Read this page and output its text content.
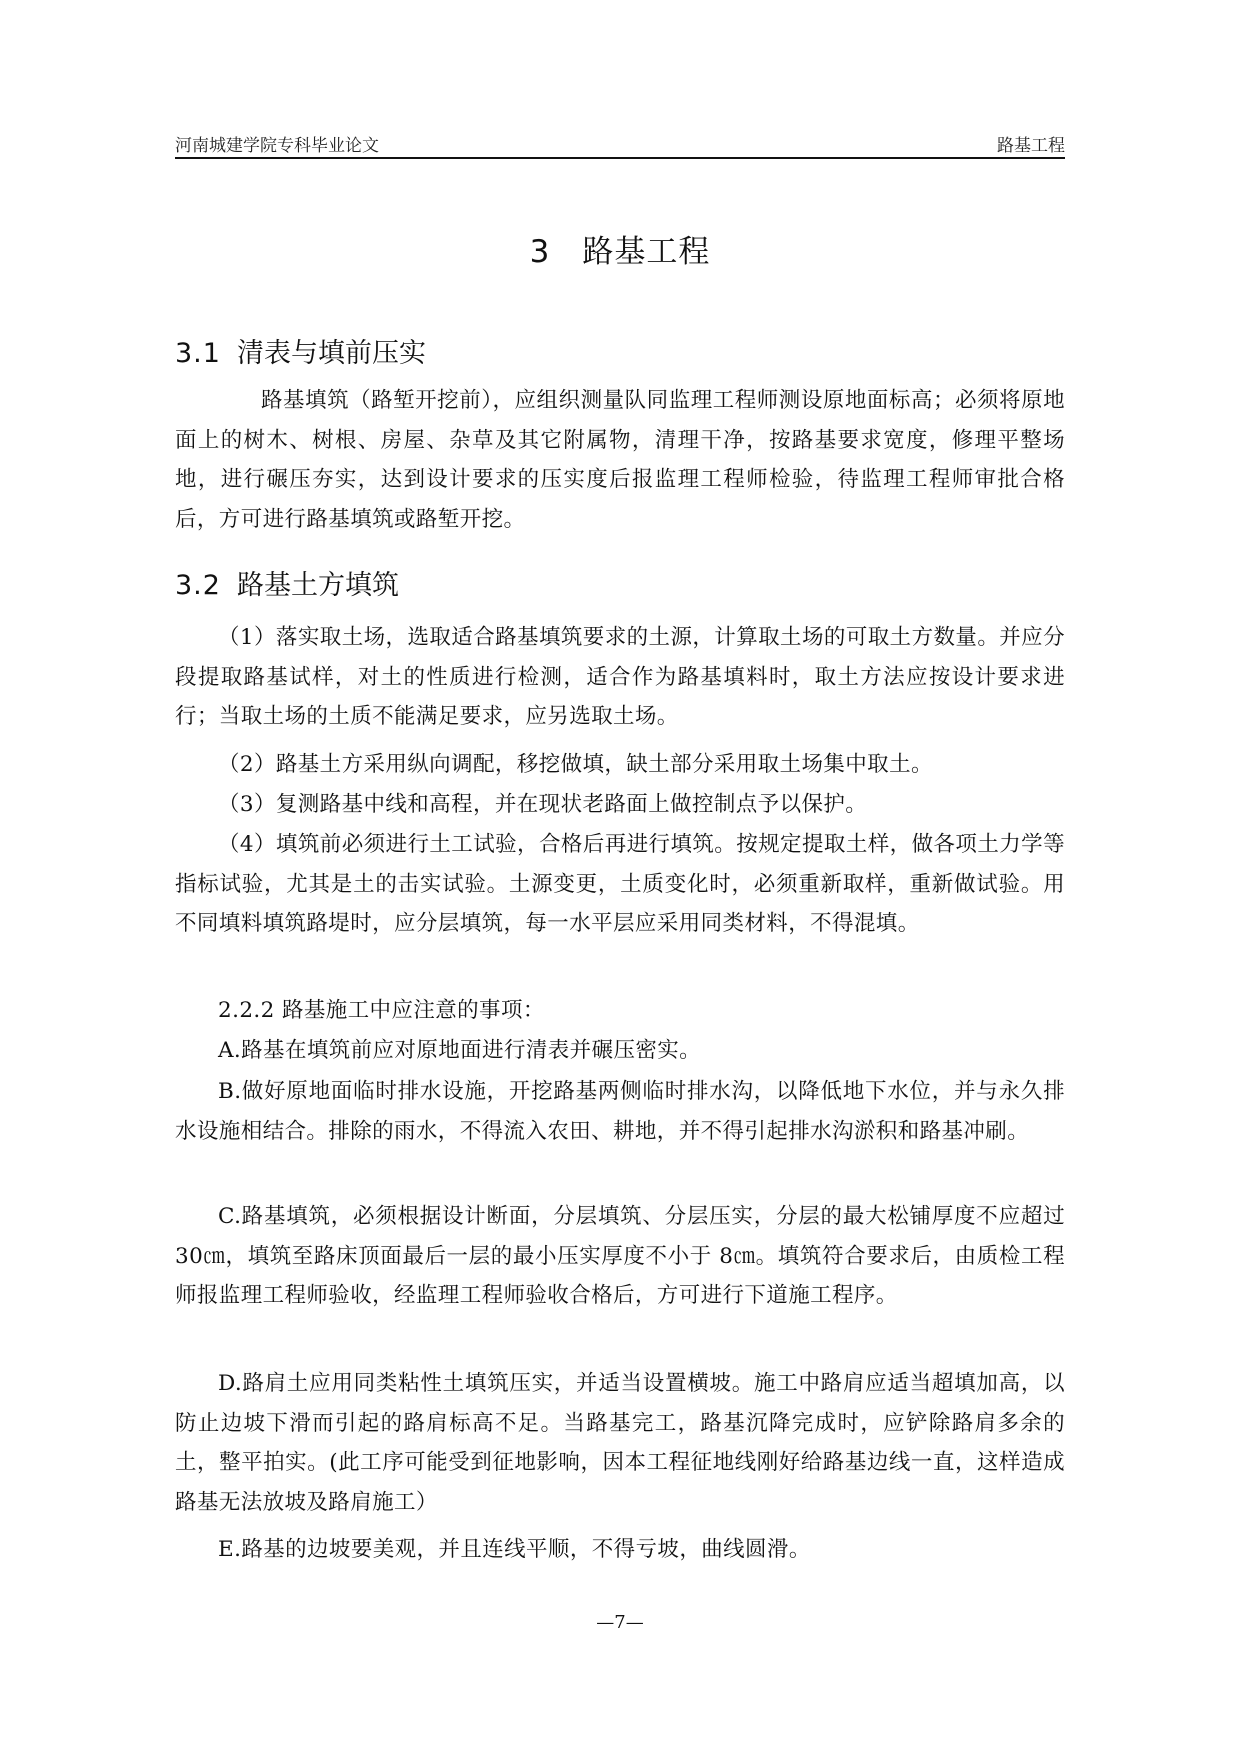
河南城建学院专科毕业论文	路基工程
3 路基工程
3.1 清表与填前压实
路基填筑（路堑开挖前），应组织测量队同监理工程师测设原地面标高；必须将原地面上的树木、树根、房屋、杂草及其它附属物，清理干净，按路基要求宽度，修理平整场地，进行碾压夯实，达到设计要求的压实度后报监理工程师检验，待监理工程师审批合格后，方可进行路基填筑或路堑开挖。
3.2 路基土方填筑
（1）落实取土场，选取适合路基填筑要求的土源，计算取土场的可取土方数量。并应分段提取路基试样，对土的性质进行检测，适合作为路基填料时，取土方法应按设计要求进行；当取土场的土质不能满足要求，应另选取土场。
（2）路基土方采用纵向调配，移挖做填，缺土部分采用取土场集中取土。
（3）复测路基中线和高程，并在现状老路面上做控制点予以保护。
（4）填筑前必须进行土工试验，合格后再进行填筑。按规定提取土样，做各项土力学等指标试验，尤其是土的击实试验。土源变更，土质变化时，必须重新取样，重新做试验。用不同填料填筑路堤时，应分层填筑，每一水平层应采用同类材料，不得混填。
2.2.2 路基施工中应注意的事项：
A.路基在填筑前应对原地面进行清表并碾压密实。
B.做好原地面临时排水设施，开挖路基两侧临时排水沟，以降低地下水位，并与永久排水设施相结合。排除的雨水，不得流入农田、耕地，并不得引起排水沟淤积和路基冲刷。
C.路基填筑，必须根据设计断面，分层填筑、分层压实，分层的最大松铺厚度不应超过 30㎝，填筑至路床顶面最后一层的最小压实厚度不小于 8㎝。填筑符合要求后，由质检工程师报监理工程师验收，经监理工程师验收合格后，方可进行下道施工程序。
D.路肩土应用同类粘性土填筑压实，并适当设置横坡。施工中路肩应适当超填加高，以防止边坡下滑而引起的路肩标高不足。当路基完工，路基沉降完成时，应铲除路肩多余的土，整平拍实。(此工序可能受到征地影响，因本工程征地线刚好给路基边线一直，这样造成路基无法放坡及路肩施工）
E.路基的边坡要美观，并且连线平顺，不得亏坡，曲线圆滑。
—7—
